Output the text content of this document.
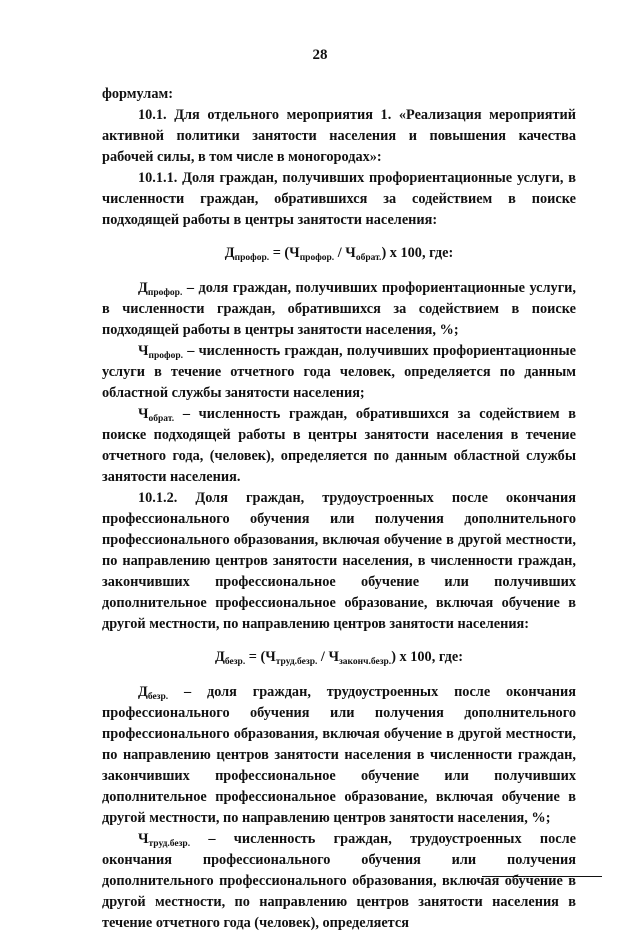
28

формулам:

10.1. Для отдельного мероприятия 1. «Реализация мероприятий активной политики занятости населения и повышения качества рабочей силы, в том числе в моногородах»:

10.1.1. Доля граждан, получивших профориентационные услуги, в численности граждан, обратившихся за содействием в поиске подходящей работы в центры занятости населения:

$Д_{профор.} = (Ч_{профор.} / Ч_{обрат.})$ х 100, где:

$Д_{профор.}$ – доля граждан, получивших профориентационные услуги, в численности граждан, обратившихся за содействием в поиске подходящей работы в центры занятости населения, %;

$Ч_{профор.}$ – численность граждан, получивших профориентационные услуги в течение отчетного года человек, определяется по данным областной службы занятости населения;

$Ч_{обрат.}$ – численность граждан, обратившихся за содействием в поиске подходящей работы в центры занятости населения в течение отчетного года, (человек), определяется по данным областной службы занятости населения.

10.1.2. Доля граждан, трудоустроенных после окончания профессионального обучения или получения дополнительного профессионального образования, включая обучение в другой местности, по направлению центров занятости населения, в численности граждан, закончивших профессиональное обучение или получивших дополнительное профессиональное образование, включая обучение в другой местности, по направлению центров занятости населения:

$Д_{безр.} = (Ч_{труд.безр.} / Ч_{законч.безр.})$ х 100, где:

$Д_{безр.}$ – доля граждан, трудоустроенных после окончания профессионального обучения или получения дополнительного профессионального образования, включая обучение в другой местности, по направлению центров занятости населения в численности граждан, закончивших профессиональное обучение или получивших дополнительное профессиональное образование, включая обучение в другой местности, по направлению центров занятости населения, %;

$Ч_{труд.безр.}$ – численность граждан, трудоустроенных после окончания профессионального обучения или получения дополнительного профессионального образования, включая обучение в другой местности, по направлению центров занятости населения в течение отчетного года (человек), определяется
